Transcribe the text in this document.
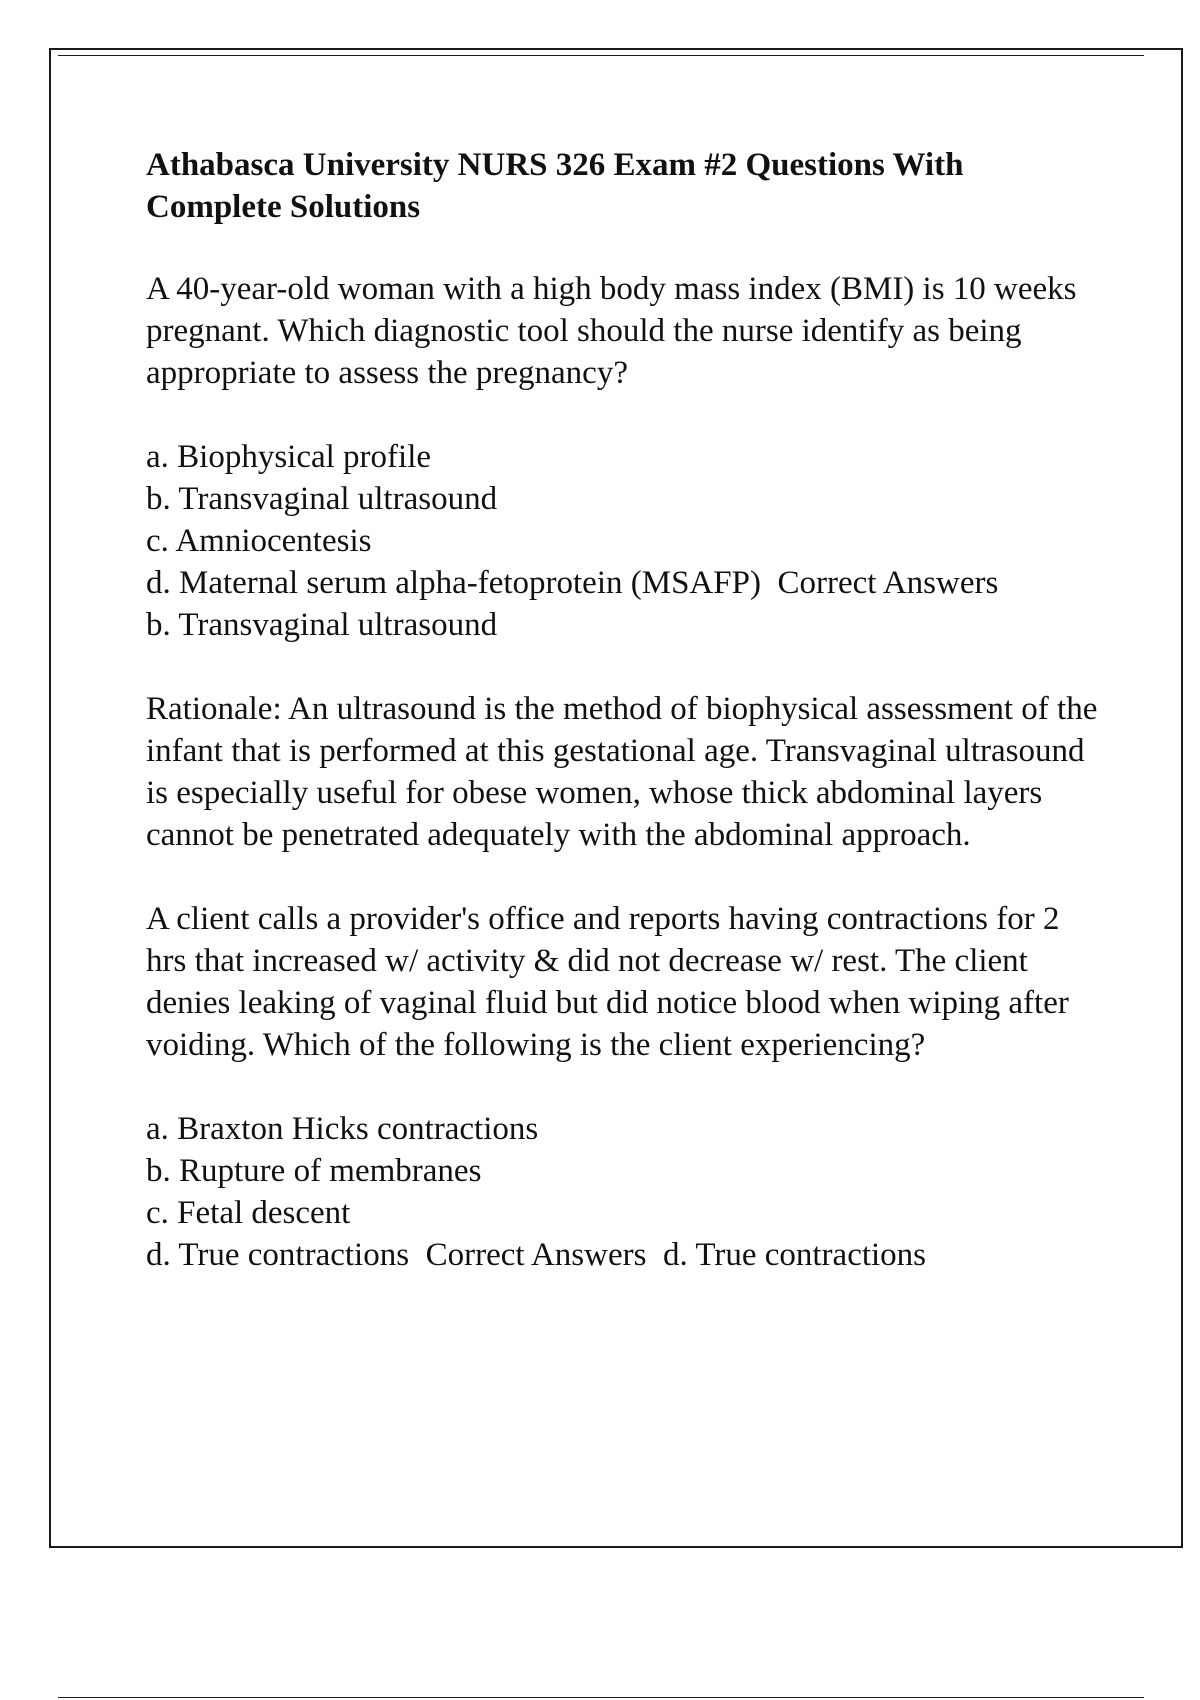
Athabasca University NURS 326 Exam #2 Questions With Complete Solutions
A 40-year-old woman with a high body mass index (BMI) is 10 weeks pregnant. Which diagnostic tool should the nurse identify as being appropriate to assess the pregnancy?
a. Biophysical profile
b. Transvaginal ultrasound
c. Amniocentesis
d. Maternal serum alpha-fetoprotein (MSAFP) Correct Answers
b. Transvaginal ultrasound
Rationale: An ultrasound is the method of biophysical assessment of the infant that is performed at this gestational age. Transvaginal ultrasound is especially useful for obese women, whose thick abdominal layers cannot be penetrated adequately with the abdominal approach.
A client calls a provider's office and reports having contractions for 2 hrs that increased w/ activity & did not decrease w/ rest. The client denies leaking of vaginal fluid but did notice blood when wiping after voiding. Which of the following is the client experiencing?
a. Braxton Hicks contractions
b. Rupture of membranes
c. Fetal descent
d. True contractions Correct Answers d. True contractions
